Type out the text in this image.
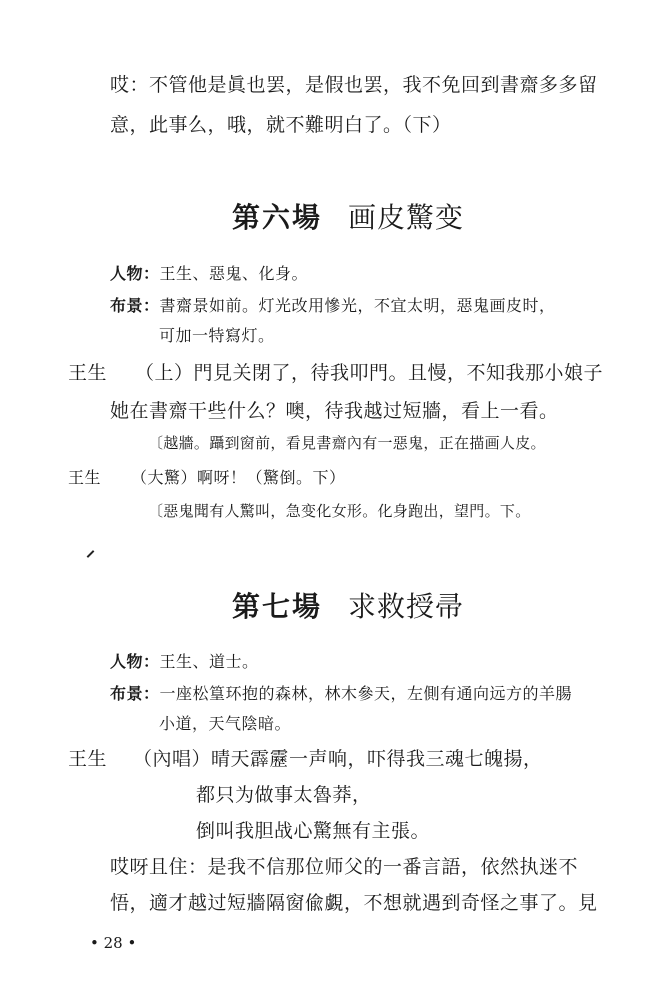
哎：不管他是眞也罢，是假也罢，我不免回到書齋多多留
意，此事么，哦，就不難明白了。（下）
第六場 画皮驚变
人物：王生、惡鬼、化身。
布景：書齋景如前。灯光改用慘光，不宜太明，惡鬼画皮时，
可加一特寫灯。
王生 （上）門見关閉了，待我叩門。且慢，不知我那小娘子
她在書齋干些什么？噢，待我越过短牆，看上一看。
〔越牆。躡到窗前，看見書齋內有一惡鬼，正在描画人皮。
王生 （大驚）啊呀！（驚倒。下）
〔惡鬼聞有人驚叫，急变化女形。化身跑出，望門。下。
第七場 求救授帚
人物：王生、道士。
布景：一座松篁环抱的森林，林木參天，左側有通向远方的羊腸
小道，天气陰暗。
王生 （內唱）晴天霹靂一声响，吓得我三魂七魄揚，
都只为做事太魯莽，
倒叫我胆战心驚無有主張。
哎呀且住：是我不信那位师父的一番言語，依然执迷不
悟，適才越过短牆隔窗偸覷，不想就遇到奇怪之事了。見
• 28 •
